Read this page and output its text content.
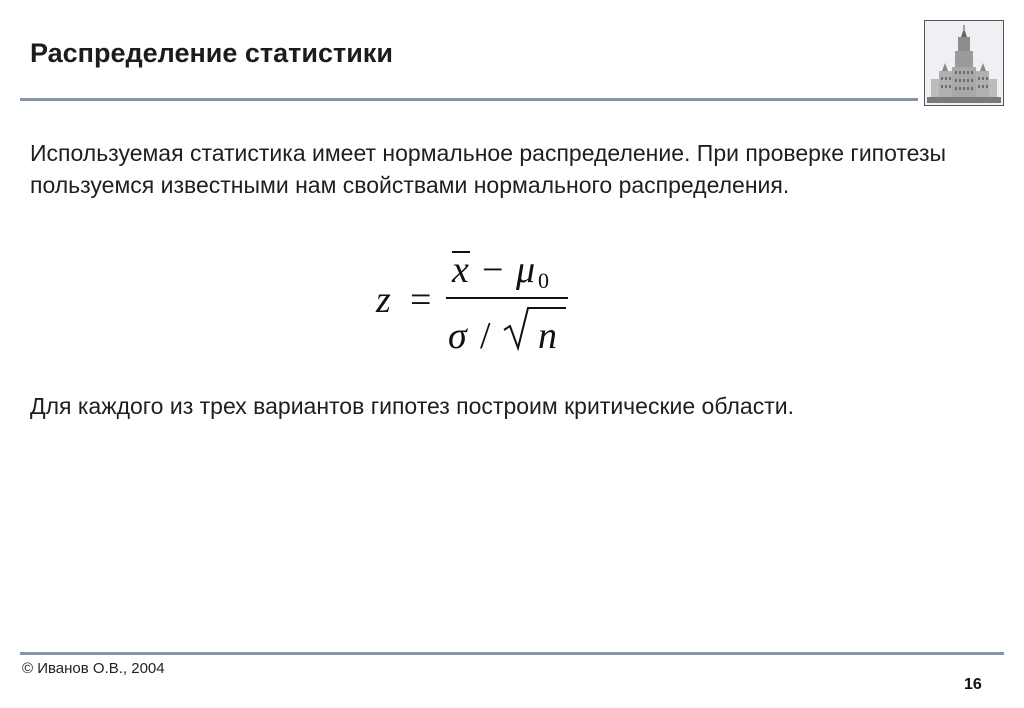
Распределение статистики
Используемая статистика имеет нормальное распределение. При проверке гипотезы пользуемся известными нам свойствами нормального распределения.
z =
x − μ 0
σ / n
Для каждого из трех вариантов гипотез построим критические области.
© Иванов О.В., 2004
16
